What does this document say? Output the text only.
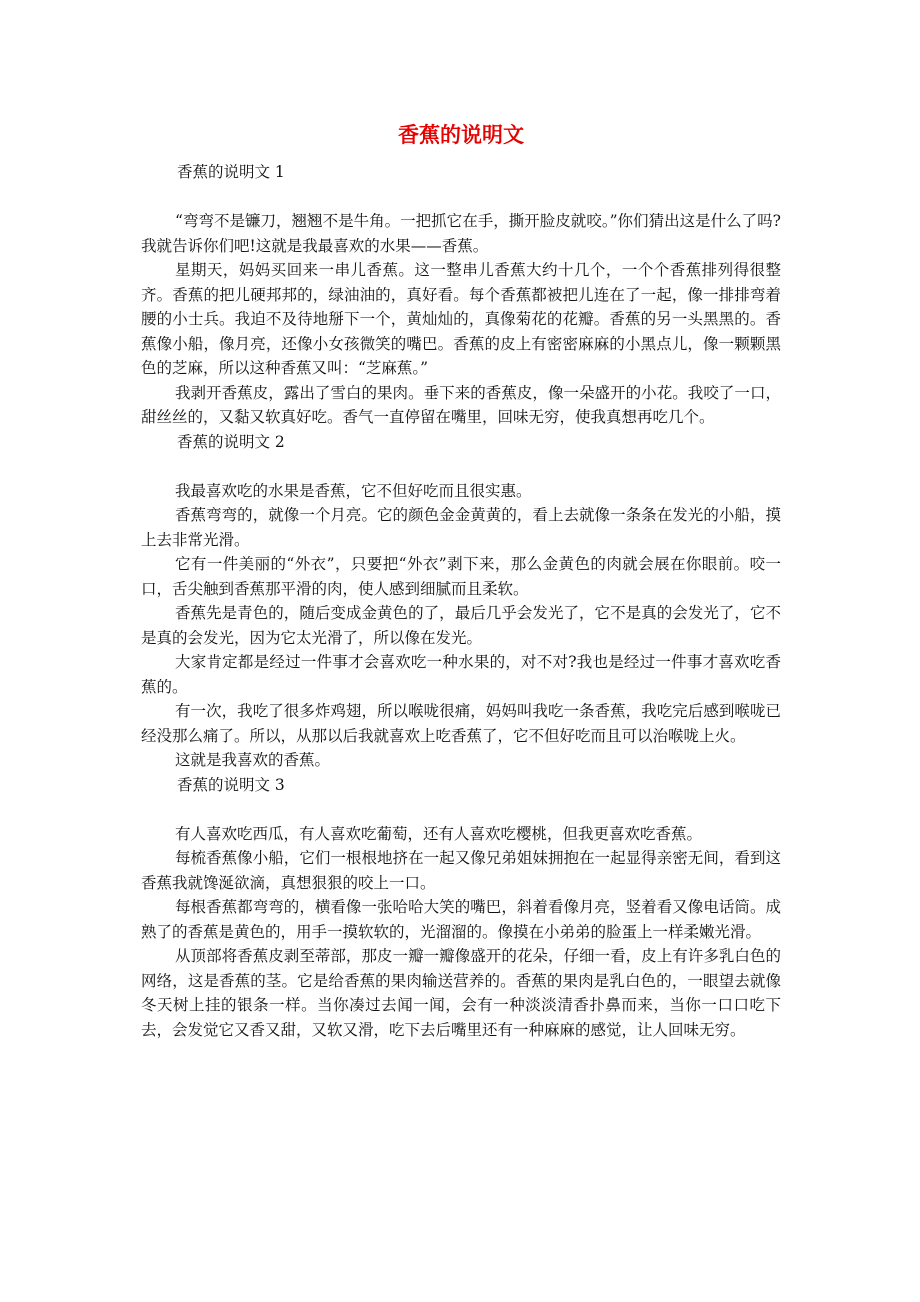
香蕉的说明文

香蕉的说明文 1

“弯弯不是镰刀，翘翘不是牛角。一把抓它在手，撕开脸皮就咬。”你们猜出这是什么了吗?我就告诉你们吧!这就是我最喜欢的水果——香蕉。

星期天，妈妈买回来一串儿香蕉。这一整串儿香蕉大约十几个，一个个香蕉排列得很整齐。香蕉的把儿硬邦邦的，绿油油的，真好看。每个香蕉都被把儿连在了一起，像一排排弯着腰的小士兵。我迫不及待地掰下一个，黄灿灿的，真像菊花的花瓣。香蕉的另一头黑黑的。香蕉像小船，像月亮，还像小女孩微笑的嘴巴。香蕉的皮上有密密麻麻的小黑点儿，像一颗颗黑色的芝麻，所以这种香蕉又叫：“芝麻蕉。”

我剥开香蕉皮，露出了雪白的果肉。垂下来的香蕉皮，像一朵盛开的小花。我咬了一口，甜丝丝的，又黏又软真好吃。香气一直停留在嘴里，回味无穷，使我真想再吃几个。

香蕉的说明文 2

我最喜欢吃的水果是香蕉，它不但好吃而且很实惠。

香蕉弯弯的，就像一个月亮。它的颜色金金黄黄的，看上去就像一条条在发光的小船，摸上去非常光滑。

它有一件美丽的“外衣”，只要把“外衣”剥下来，那么金黄色的肉就会展在你眼前。咬一口，舌尖触到香蕉那平滑的肉，使人感到细腻而且柔软。

香蕉先是青色的，随后变成金黄色的了，最后几乎会发光了，它不是真的会发光了，它不是真的会发光，因为它太光滑了，所以像在发光。

大家肯定都是经过一件事才会喜欢吃一种水果的，对不对?我也是经过一件事才喜欢吃香蕉的。

有一次，我吃了很多炸鸡翅，所以喉咙很痛，妈妈叫我吃一条香蕉，我吃完后感到喉咙已经没那么痛了。所以，从那以后我就喜欢上吃香蕉了，它不但好吃而且可以治喉咙上火。

这就是我喜欢的香蕉。

香蕉的说明文 3

有人喜欢吃西瓜，有人喜欢吃葡萄，还有人喜欢吃樱桃，但我更喜欢吃香蕉。

每梳香蕉像小船，它们一根根地挤在一起又像兄弟姐妹拥抱在一起显得亲密无间，看到这香蕉我就馋涎欲滴，真想狠狠的咬上一口。

每根香蕉都弯弯的，横看像一张哈哈大笑的嘴巴，斜着看像月亮，竖着看又像电话筒。成熟了的香蕉是黄色的，用手一摸软软的，光溜溜的。像摸在小弟弟的脸蛋上一样柔嫩光滑。

从顶部将香蕉皮剥至蒂部，那皮一瓣一瓣像盛开的花朵，仔细一看，皮上有许多乳白色的网络，这是香蕉的茎。它是给香蕉的果肉输送营养的。香蕉的果肉是乳白色的，一眼望去就像冬天树上挂的银条一样。当你凑过去闻一闻，会有一种淡淡清香扑鼻而来，当你一口口吃下去，会发觉它又香又甜，又软又滑，吃下去后嘴里还有一种麻麻的感觉，让人回味无穷。
